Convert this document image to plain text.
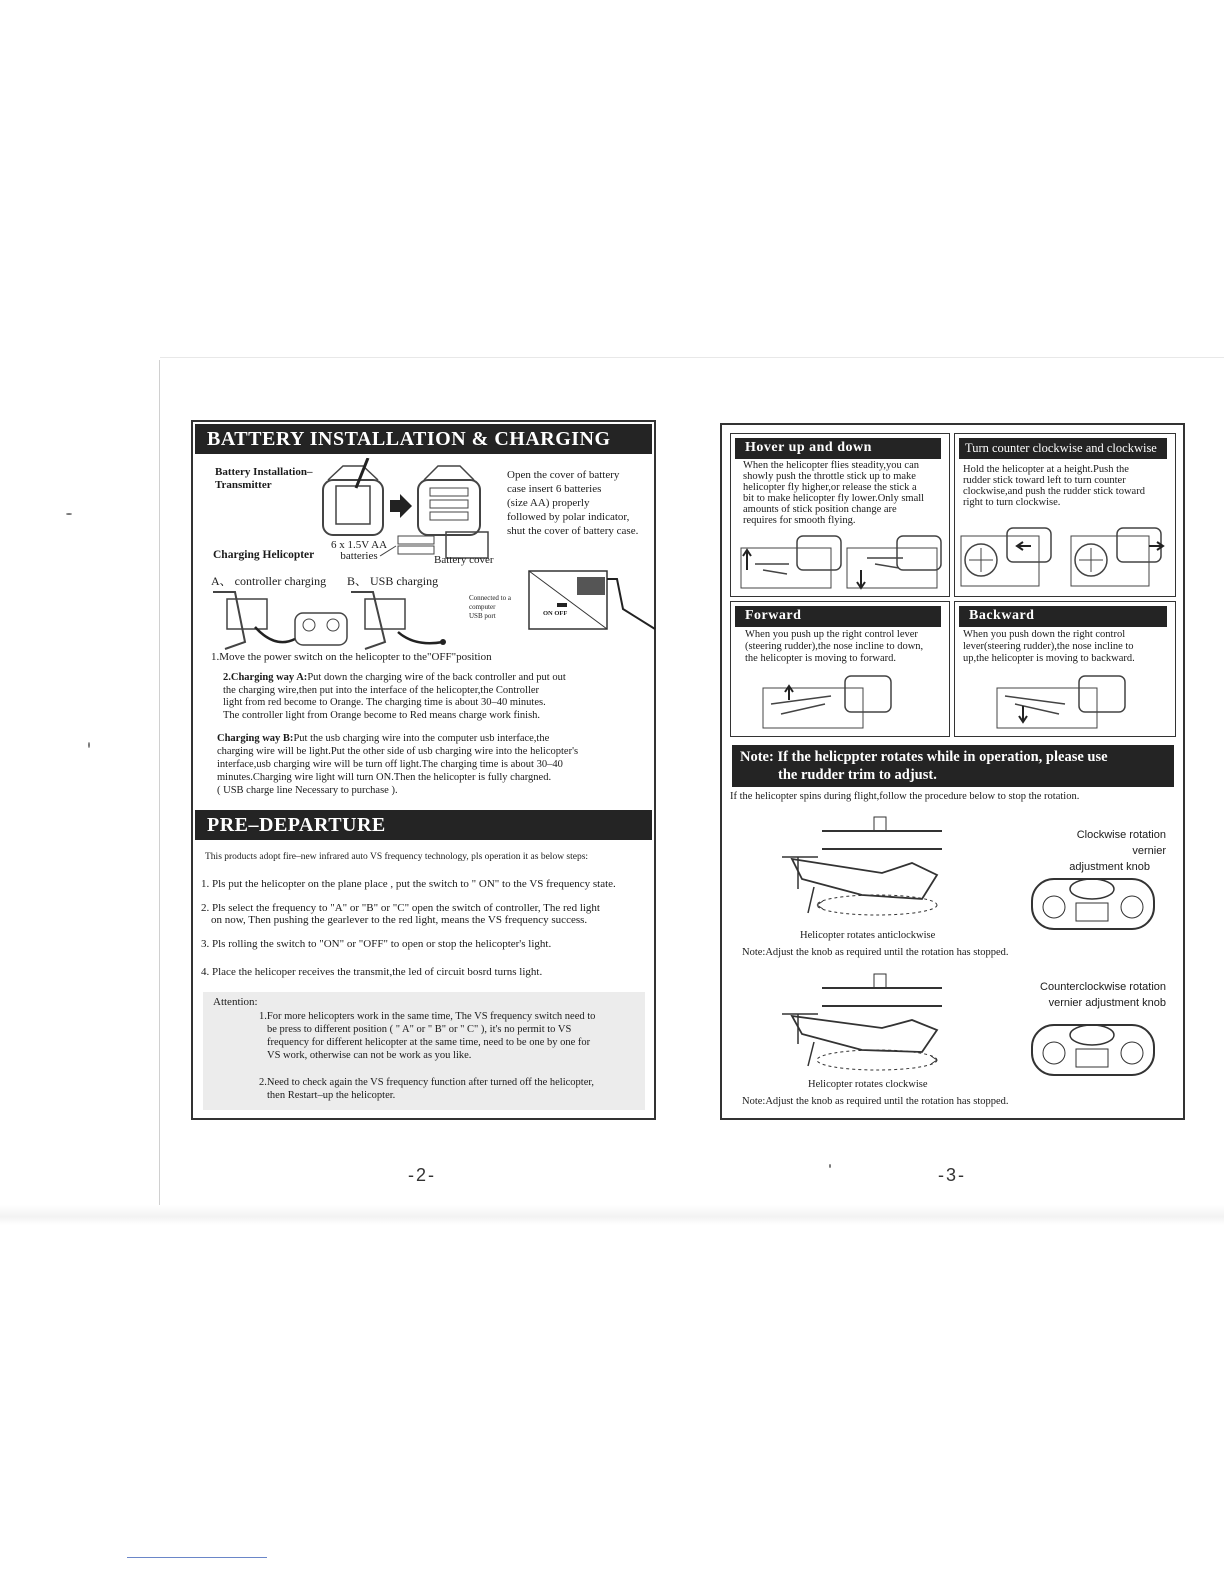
BATTERY INSTALLATION & CHARGING
Battery Installation–
Transmitter
6 x 1.5V AA
batteries	Battery cover
Open the cover of battery
case insert 6 batteries
(size AA) properly
followed by polar indicator,
shut the cover of battery case.
Charging Helicopter
A、 controller charging B、 USB charging
Connected to a
computer
USB port	ON OFF
1.Move the power switch on the helicopter to the"OFF"position
2.Charging way A:Put down the charging wire of the back controller and put out
the charging wire,then put into the interface of the helicopter,the Controller
light from red become to Orange. The charging time is about 30–40 minutes.
The controller light from Orange become to Red means charge work finish.
Charging way B:Put the usb charging wire into the computer usb interface,the
charging wire will be light.Put the other side of usb charging wire into the helicopter's
interface,usb charging wire will be turn off light.The charging time is about 30–40
minutes.Charging wire light will turn ON.Then the helicopter is fully chargned.
( USB charge line Necessary to purchase ).
PRE–DEPARTURE
This products adopt fire–new infrared auto VS frequency technology, pls operation it as below steps:
1. Pls put the helicopter on the plane place , put the switch to " ON" to the VS frequency state.
2. Pls select the frequency to "A" or "B" or "C" open the switch of controller, The red light
on now, Then pushing the gearlever to the red light, means the VS frequency success.
3. Pls rolling the switch to "ON" or "OFF" to open or stop the helicopter's light.
4. Place the helicoper receives the transmit,the led of circuit bosrd turns light.
Attention:
1.For more helicopters work in the same time, The VS frequency switch need to
be press to different position ( " A" or " B" or " C" ), it's no permit to VS
frequency for different helicopter at the same time, need to be one by one for
VS work, otherwise can not be work as you like.
2.Need to check again the VS frequency function after turned off the helicopter,
then Restart–up the helicopter.
-2-
Hover up and down
When the helicopter flies steadity,you can
showly push the throttle stick up to make
helicopter fly higher,or release the stick a
bit to make helicopter fly lower.Only small
amounts of stick position change are
requires for smooth flying.
Turn counter clockwise and clockwise
Hold the helicopter at a height.Push the
rudder stick toward left to turn counter
clockwise,and push the rudder stick toward
right to turn clockwise.
Forward
When you push up the right control lever
(steering rudder),the nose incline to down,
the helicopter is moving to forward.
Backward
When you push down the right control
lever(steering rudder),the nose incline to
up,the helicopter is moving to backward.
Note: If the helicppter rotates while in operation, please use
the rudder trim to adjust.
If the helicopter spins during flight,follow the procedure below to stop the rotation.
Clockwise rotation vernier
adjustment knob
Helicopter rotates anticlockwise
Note:Adjust the knob as required until the rotation has stopped.
Counterclockwise rotation
vernier adjustment knob
Helicopter rotates clockwise
Note:Adjust the knob as required until the rotation has stopped.
-3-
